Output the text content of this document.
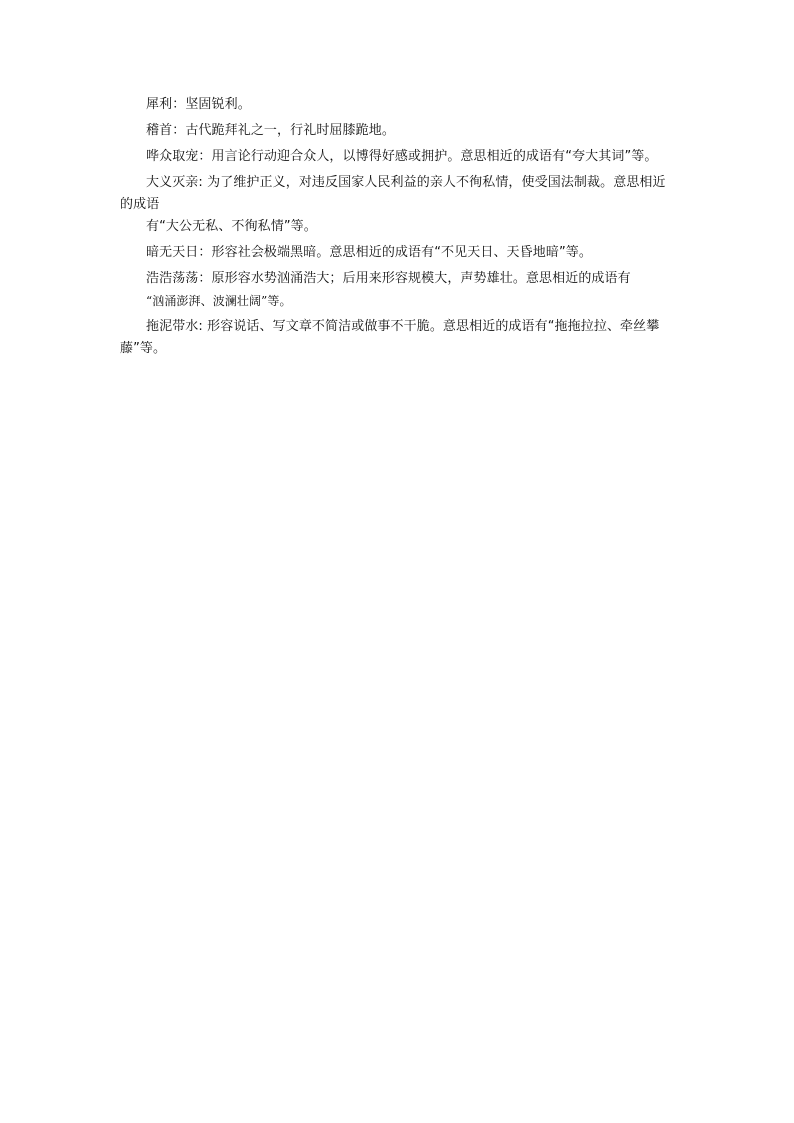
犀利：坚固锐利。

稽首：古代跪拜礼之一，行礼时屈膝跪地。

哗众取宠：用言论行动迎合众人，以博得好感或拥护。意思相近的成语有“夸大其词”等。

大义灭亲: 为了维护正义，对违反国家人民利益的亲人不徇私情，使受国法制裁。意思相近的成语

有“大公无私、不徇私情”等。

暗无天日：形容社会极端黑暗。意思相近的成语有“不见天日、天昏地暗”等。

浩浩荡荡：原形容水势汹涌浩大；后用来形容规模大，声势雄壮。意思相近的成语有

“汹涌澎湃、波澜壮阔”等。

拖泥带水: 形容说话、写文章不简洁或做事不干脆。意思相近的成语有“拖拖拉拉、牵丝攀藤”等。
